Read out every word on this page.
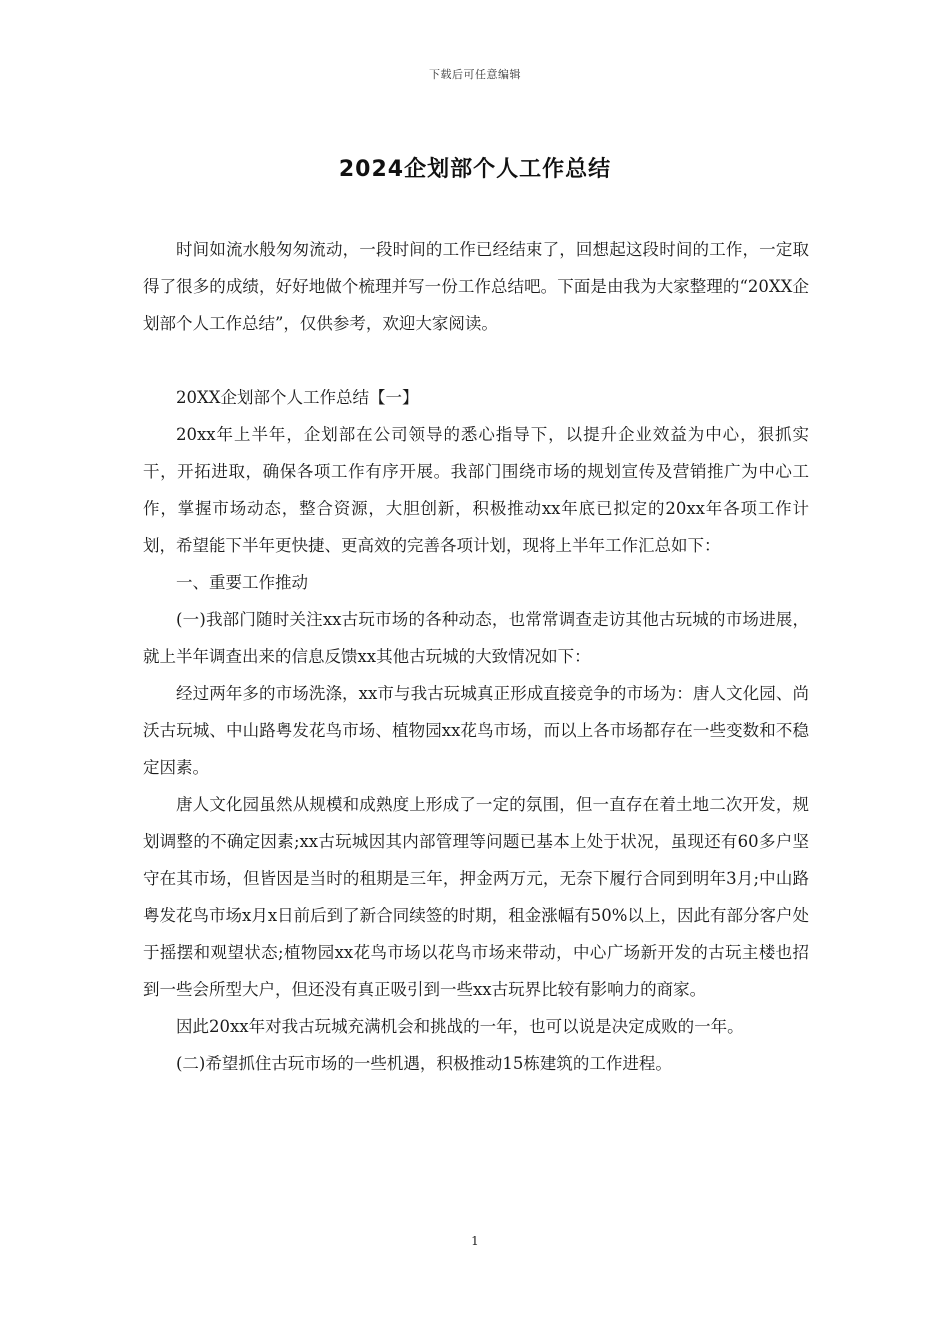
下载后可任意编辑
2024企划部个人工作总结

时间如流水般匆匆流动，一段时间的工作已经结束了，回想起这段时间的工作，一定取得了很多的成绩，好好地做个梳理并写一份工作总结吧。下面是由我为大家整理的“20XX企划部个人工作总结”，仅供参考，欢迎大家阅读。

20XX企划部个人工作总结【一】

20xx年上半年，企划部在公司领导的悉心指导下，以提升企业效益为中心，狠抓实干，开拓进取，确保各项工作有序开展。我部门围绕市场的规划宣传及营销推广为中心工作，掌握市场动态，整合资源，大胆创新，积极推动xx年底已拟定的20xx年各项工作计划，希望能下半年更快捷、更高效的完善各项计划，现将上半年工作汇总如下：

一、重要工作推动

(一)我部门随时关注xx古玩市场的各种动态，也常常调查走访其他古玩城的市场进展，就上半年调查出来的信息反馈xx其他古玩城的大致情况如下：

经过两年多的市场洗涤，xx市与我古玩城真正形成直接竞争的市场为：唐人文化园、尚沃古玩城、中山路粤发花鸟市场、植物园xx花鸟市场，而以上各市场都存在一些变数和不稳定因素。

唐人文化园虽然从规模和成熟度上形成了一定的氛围，但一直存在着土地二次开发，规划调整的不确定因素;xx古玩城因其内部管理等问题已基本上处于状况，虽现还有60多户坚守在其市场，但皆因是当时的租期是三年，押金两万元，无奈下履行合同到明年3月;中山路粤发花鸟市场x月x日前后到了新合同续签的时期，租金涨幅有50%以上，因此有部分客户处于摇摆和观望状态;植物园xx花鸟市场以花鸟市场来带动，中心广场新开发的古玩主楼也招到一些会所型大户，但还没有真正吸引到一些xx古玩界比较有影响力的商家。

因此20xx年对我古玩城充满机会和挑战的一年，也可以说是决定成败的一年。

(二)希望抓住古玩市场的一些机遇，积极推动15栋建筑的工作进程。

1
